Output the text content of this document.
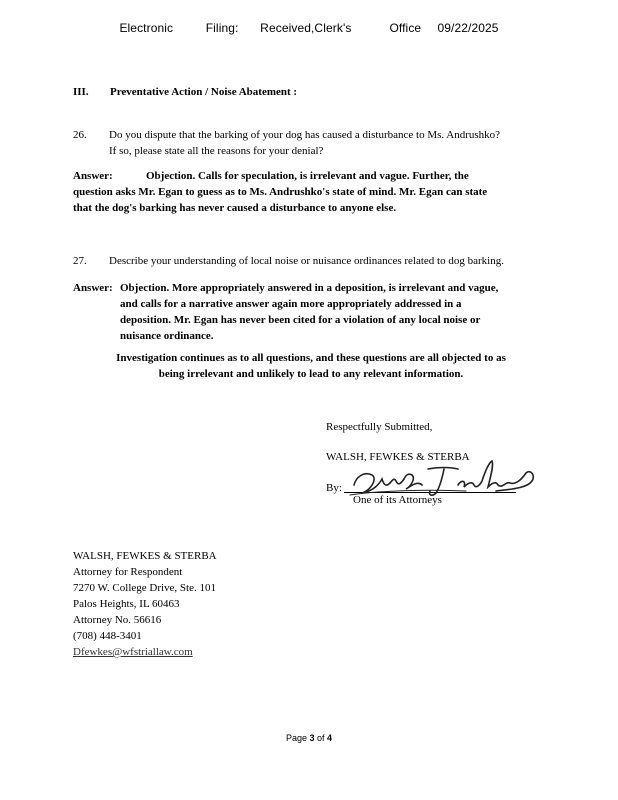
Electronic      Filing:    Received,Clerk's       Office   09/22/2025
III. Preventative Action / Noise Abatement :
26. Do you dispute that the barking of your dog has caused a disturbance to Ms. Andrushko?
If so, please state all the reasons for your denial?
Answer:	Objection. Calls for speculation, is irrelevant and vague. Further, the
question asks Mr. Egan to guess as to Ms. Andrushko's state of mind. Mr. Egan can state
that the dog's barking has never caused a disturbance to anyone else.
27. Describe your understanding of local noise or nuisance ordinances related to dog barking.
Answer: Objection. More appropriately answered in a deposition, is irrelevant and vague,
and calls for a narrative answer again more appropriately addressed in a
deposition. Mr. Egan has never been cited for a violation of any local noise or
nuisance ordinance.
Investigation continues as to all questions, and these questions are all objected to as
being irrelevant and unlikely to lead to any relevant information.
Respectfully Submitted,
WALSH, FEWKES & STERBA
By:
One of its Attorneys
WALSH, FEWKES & STERBA
Attorney for Respondent
7270 W. College Drive, Ste. 101
Palos Heights, IL 60463
Attorney No. 56616
(708) 448-3401
Dfewkes@wfstriallaw.com
Page 3 of 4
